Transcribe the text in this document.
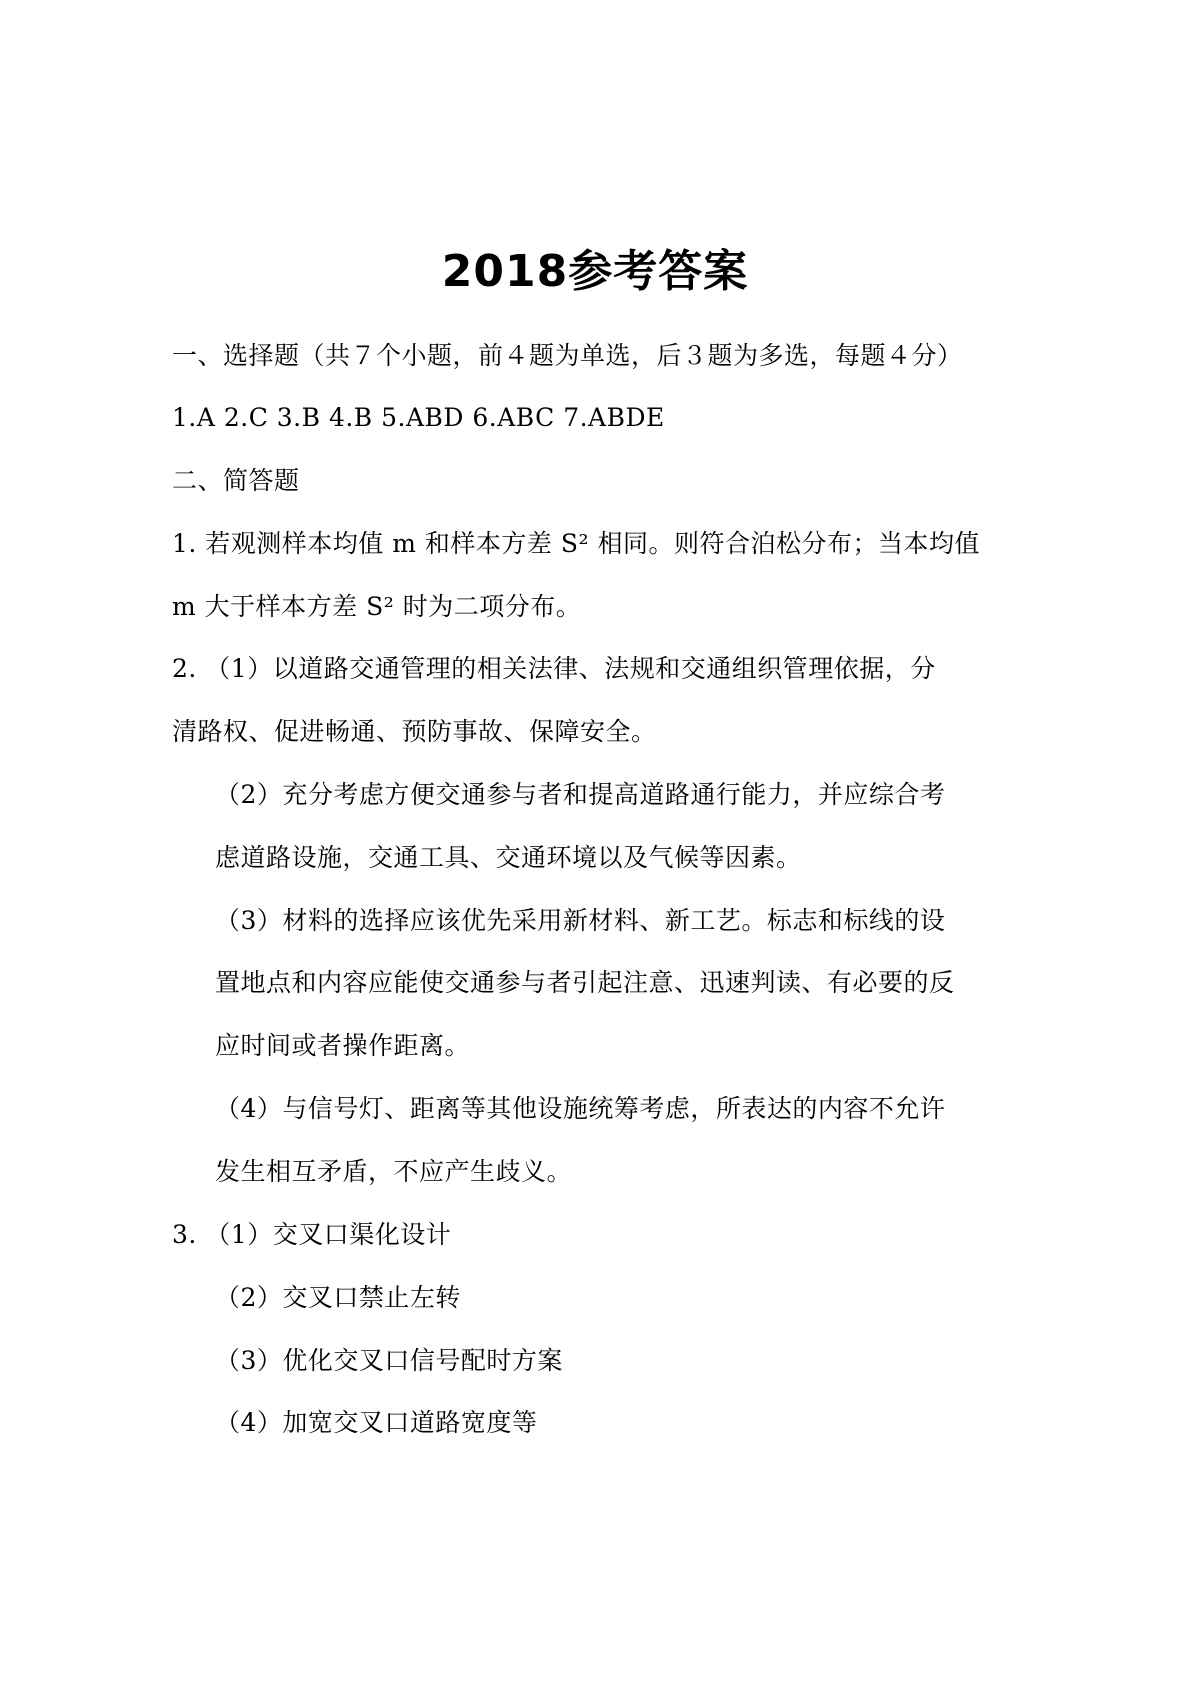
2018参考答案
一、选择题（共７个小题，前４题为单选，后３题为多选，每题４分）
1.A 2.C 3.B 4.B 5.ABD 6.ABC 7.ABDE
二、简答题
1. 若观测样本均值 m 和样本方差 S² 相同。则符合泊松分布；当本均值
m 大于样本方差 S² 时为二项分布。
2. （1）以道路交通管理的相关法律、法规和交通组织管理依据，分
清路权、促进畅通、预防事故、保障安全。
（2）充分考虑方便交通参与者和提高道路通行能力，并应综合考
虑道路设施，交通工具、交通环境以及气候等因素。
（3）材料的选择应该优先采用新材料、新工艺。标志和标线的设
置地点和内容应能使交通参与者引起注意、迅速判读、有必要的反
应时间或者操作距离。
（4）与信号灯、距离等其他设施统筹考虑，所表达的内容不允许
发生相互矛盾，不应产生歧义。
3. （1）交叉口渠化设计
（2）交叉口禁止左转
（3）优化交叉口信号配时方案
（4）加宽交叉口道路宽度等
